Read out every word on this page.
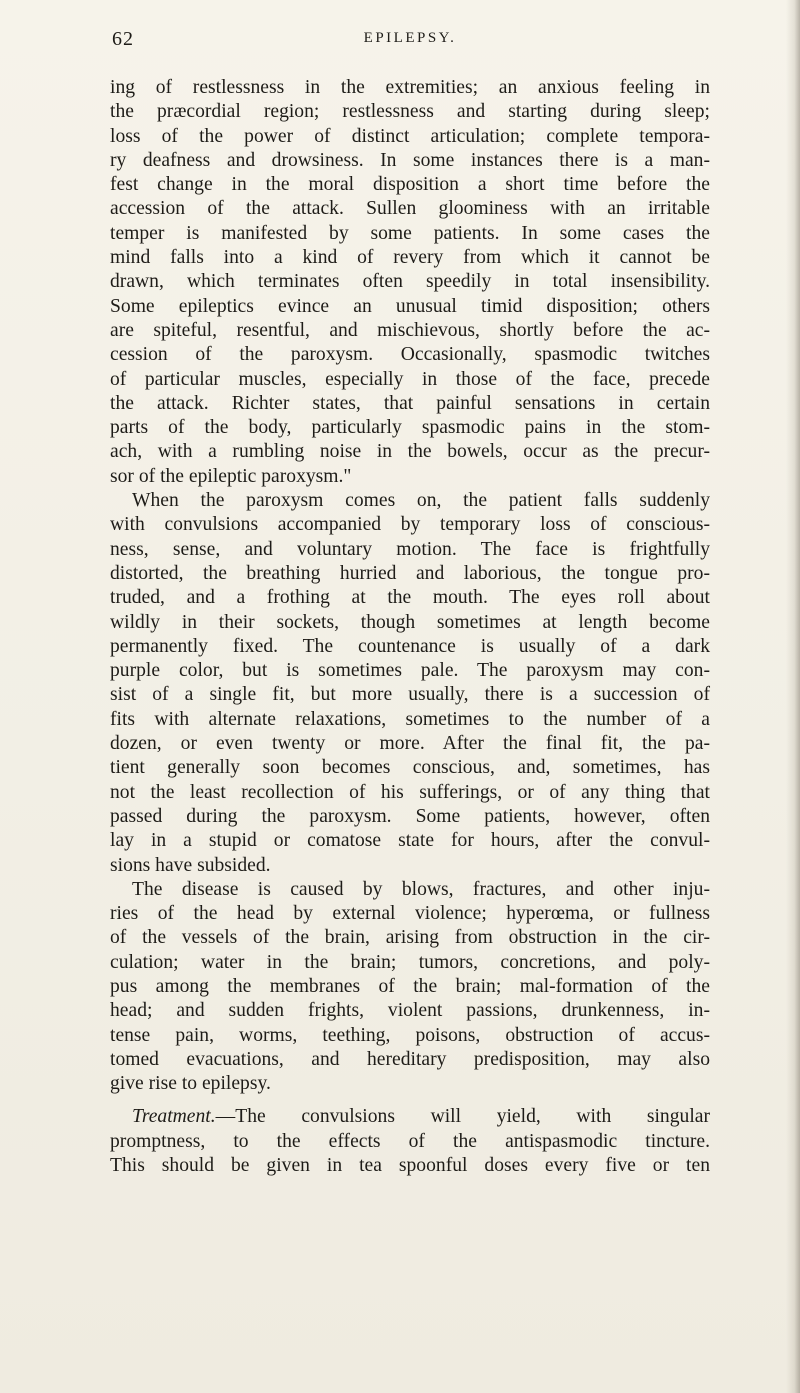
62	EPILEPSY.
ing of restlessness in the extremities; an anxious feeling in
the præcordial region; restlessness and starting during sleep;
loss of the power of distinct articulation; complete tempora-
ry deafness and drowsiness. In some instances there is a man-
fest change in the moral disposition a short time before the
accession of the attack. Sullen gloominess with an irritable
temper is manifested by some patients. In some cases the
mind falls into a kind of revery from which it cannot be
drawn, which terminates often speedily in total insensibility.
Some epileptics evince an unusual timid disposition; others
are spiteful, resentful, and mischievous, shortly before the ac-
cession of the paroxysm. Occasionally, spasmodic twitches
of particular muscles, especially in those of the face, precede
the attack. Richter states, that painful sensations in certain
parts of the body, particularly spasmodic pains in the stom-
ach, with a rumbling noise in the bowels, occur as the precur-
sor of the epileptic paroxysm."
When the paroxysm comes on, the patient falls suddenly
with convulsions accompanied by temporary loss of conscious-
ness, sense, and voluntary motion. The face is frightfully
distorted, the breathing hurried and laborious, the tongue pro-
truded, and a frothing at the mouth. The eyes roll about
wildly in their sockets, though sometimes at length become
permanently fixed. The countenance is usually of a dark
purple color, but is sometimes pale. The paroxysm may con-
sist of a single fit, but more usually, there is a succession of
fits with alternate relaxations, sometimes to the number of a
dozen, or even twenty or more. After the final fit, the pa-
tient generally soon becomes conscious, and, sometimes, has
not the least recollection of his sufferings, or of any thing that
passed during the paroxysm. Some patients, however, often
lay in a stupid or comatose state for hours, after the convul-
sions have subsided.
The disease is caused by blows, fractures, and other inju-
ries of the head by external violence; hyperœma, or fullness
of the vessels of the brain, arising from obstruction in the cir-
culation; water in the brain; tumors, concretions, and poly-
pus among the membranes of the brain; mal-formation of the
head; and sudden frights, violent passions, drunkenness, in-
tense pain, worms, teething, poisons, obstruction of accus-
tomed evacuations, and hereditary predisposition, may also
give rise to epilepsy.
Treatment.—The convulsions will yield, with singular
promptness, to the effects of the antispasmodic tincture.
This should be given in tea spoonful doses every five or ten
